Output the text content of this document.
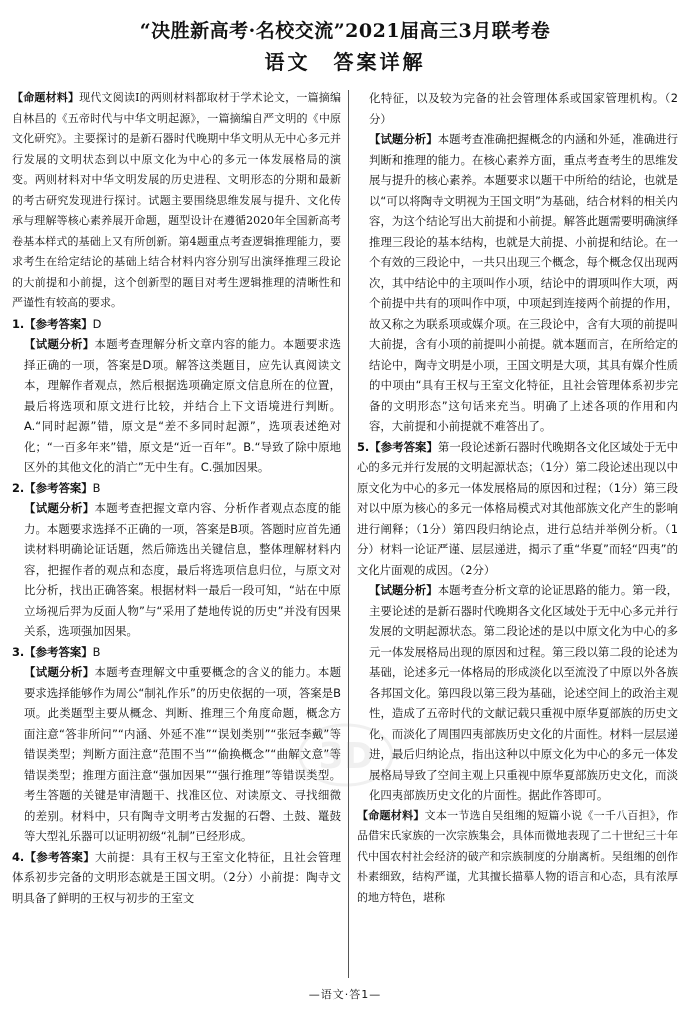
“决胜新高考·名校交流”2021届高三3月联考卷
语文　答案详解

【命题材料】现代文阅读Ⅰ的两则材料都取材于学术论文，一篇摘编自林昌的《五帝时代与中华文明起源》，一篇摘编自严文明的《中原文化研究》。主要探讨的是新石器时代晚期中华文明从无中心多元并行发展的文明状态到以中原文化为中心的多元一体发展格局的演变。两则材料对中华文明发展的历史进程、文明形态的分期和最新的考古研究发现进行探讨。试题主要围绕思维发展与提升、文化传承与理解等核心素养展开命题，题型设计在遵循2020年全国新高考卷基本样式的基础上又有所创新。第4题重点考查逻辑推理能力，要求考生在给定结论的基础上结合材料内容分别写出演绎推理三段论的大前提和小前提，这个创新型的题目对考生逻辑推理的清晰性和严谨性有较高的要求。

1.【参考答案】D

【试题分析】本题考查理解分析文章内容的能力。本题要求选择正确的一项，答案是D项。解答这类题目，应先认真阅读文本，理解作者观点，然后根据选项确定原文信息所在的位置，最后将选项和原文进行比较，并结合上下文语境进行判断。A.“同时起源”错，原文是“差不多同时起源”，选项表述绝对化；“一百多年来”错，原文是“近一百年”。B.“导致了除中原地区外的其他文化的消亡”无中生有。C.强加因果。

2.【参考答案】B

【试题分析】本题考查把握文章内容、分析作者观点态度的能力。本题要求选择不正确的一项，答案是B项。答题时应首先通读材料明确论证话题，然后筛选出关键信息，整体理解材料内容，把握作者的观点和态度，最后将选项信息归位，与原文对比分析，找出正确答案。根据材料一最后一段可知，“站在中原立场视后羿为反面人物”与“采用了楚地传说的历史”并没有因果关系，选项强加因果。

3.【参考答案】B

【试题分析】本题考查理解文中重要概念的含义的能力。本题要求选择能够作为周公“制礼作乐”的历史依据的一项，答案是B项。此类题型主要从概念、判断、推理三个角度命题，概念方面注意“答非所问”“内涵、外延不准”“误划类别”“张冠李戴”等错误类型；判断方面注意“范围不当”“偷换概念”“曲解文意”等错误类型；推理方面注意“强加因果”“强行推理”等错误类型。考生答题的关键是审清题干、找准区位、对读原文、寻找细微的差别。材料中，只有陶寺文明考古发掘的石磬、土鼓、鼍鼓等大型礼乐器可以证明初级“礼制”已经形成。

4.【参考答案】大前提：具有王权与王室文化特征，且社会管理体系初步完备的文明形态就是王国文明。（2分）小前提：陶寺文明具备了鲜明的王权与初步的王室文

化特征，以及较为完备的社会管理体系或国家管理机构。（2分）

【试题分析】本题考查准确把握概念的内涵和外延，准确进行判断和推理的能力。在核心素养方面，重点考查考生的思维发展与提升的核心素养。本题要求以题干中所给的结论，也就是以“可以将陶寺文明视为王国文明”为基础，结合材料的相关内容，为这个结论写出大前提和小前提。解答此题需要明确演绎推理三段论的基本结构，也就是大前提、小前提和结论。在一个有效的三段论中，一共只出现三个概念，每个概念仅出现两次，其中结论中的主项叫作小项，结论中的谓项叫作大项，两个前提中共有的项叫作中项，中项起到连接两个前提的作用，故又称之为联系项或媒介项。在三段论中，含有大项的前提叫大前提，含有小项的前提叫小前提。就本题而言，在所给定的结论中，陶寺文明是小项，王国文明是大项，其具有媒介性质的中项由“具有王权与王室文化特征，且社会管理体系初步完备的文明形态”这句话来充当。明确了上述各项的作用和内容，大前提和小前提就不难答出了。

5.【参考答案】第一段论述新石器时代晚期各文化区域处于无中心的多元并行发展的文明起源状态；（1分）第二段论述出现以中原文化为中心的多元一体发展格局的原因和过程；（1分）第三段对以中原为核心的多元一体格局模式对其他部族文化产生的影响进行阐释；（1分）第四段归纳论点，进行总结并举例分析。（1分）材料一论证严谨、层层递进，揭示了重“华夏”而轻“四夷”的文化片面观的成因。（2分）

【试题分析】本题考查分析文章的论证思路的能力。第一段，主要论述的是新石器时代晚期各文化区域处于无中心多元并行发展的文明起源状态。第二段论述的是以中原文化为中心的多元一体发展格局出现的原因和过程。第三段以第二段的论述为基础，论述多元一体格局的形成淡化以至流没了中原以外各族各邦国文化。第四段以第三段为基础，论述空间上的政治主观性，造成了五帝时代的文献记载只重视中原华夏部族的历史文化，而淡化了周围四夷部族历史文化的片面性。材料一层层递进，最后归纳论点，指出这种以中原文化为中心的多元一体发展格局导致了空间主观上只重视中原华夏部族历史文化，而淡化四夷部族历史文化的片面性。据此作答即可。

【命题材料】文本一节选自吴组缃的短篇小说《一千八百担》，作品借宋氏家族的一次宗族集会，具体而微地表现了二十世纪三十年代中国农村社会经济的破产和宗族制度的分崩离析。吴组缃的创作朴素细致，结构严谨，尤其擅长描摹人物的语言和心态，具有浓厚的地方特色，堪称

3D
—语文·答1—
